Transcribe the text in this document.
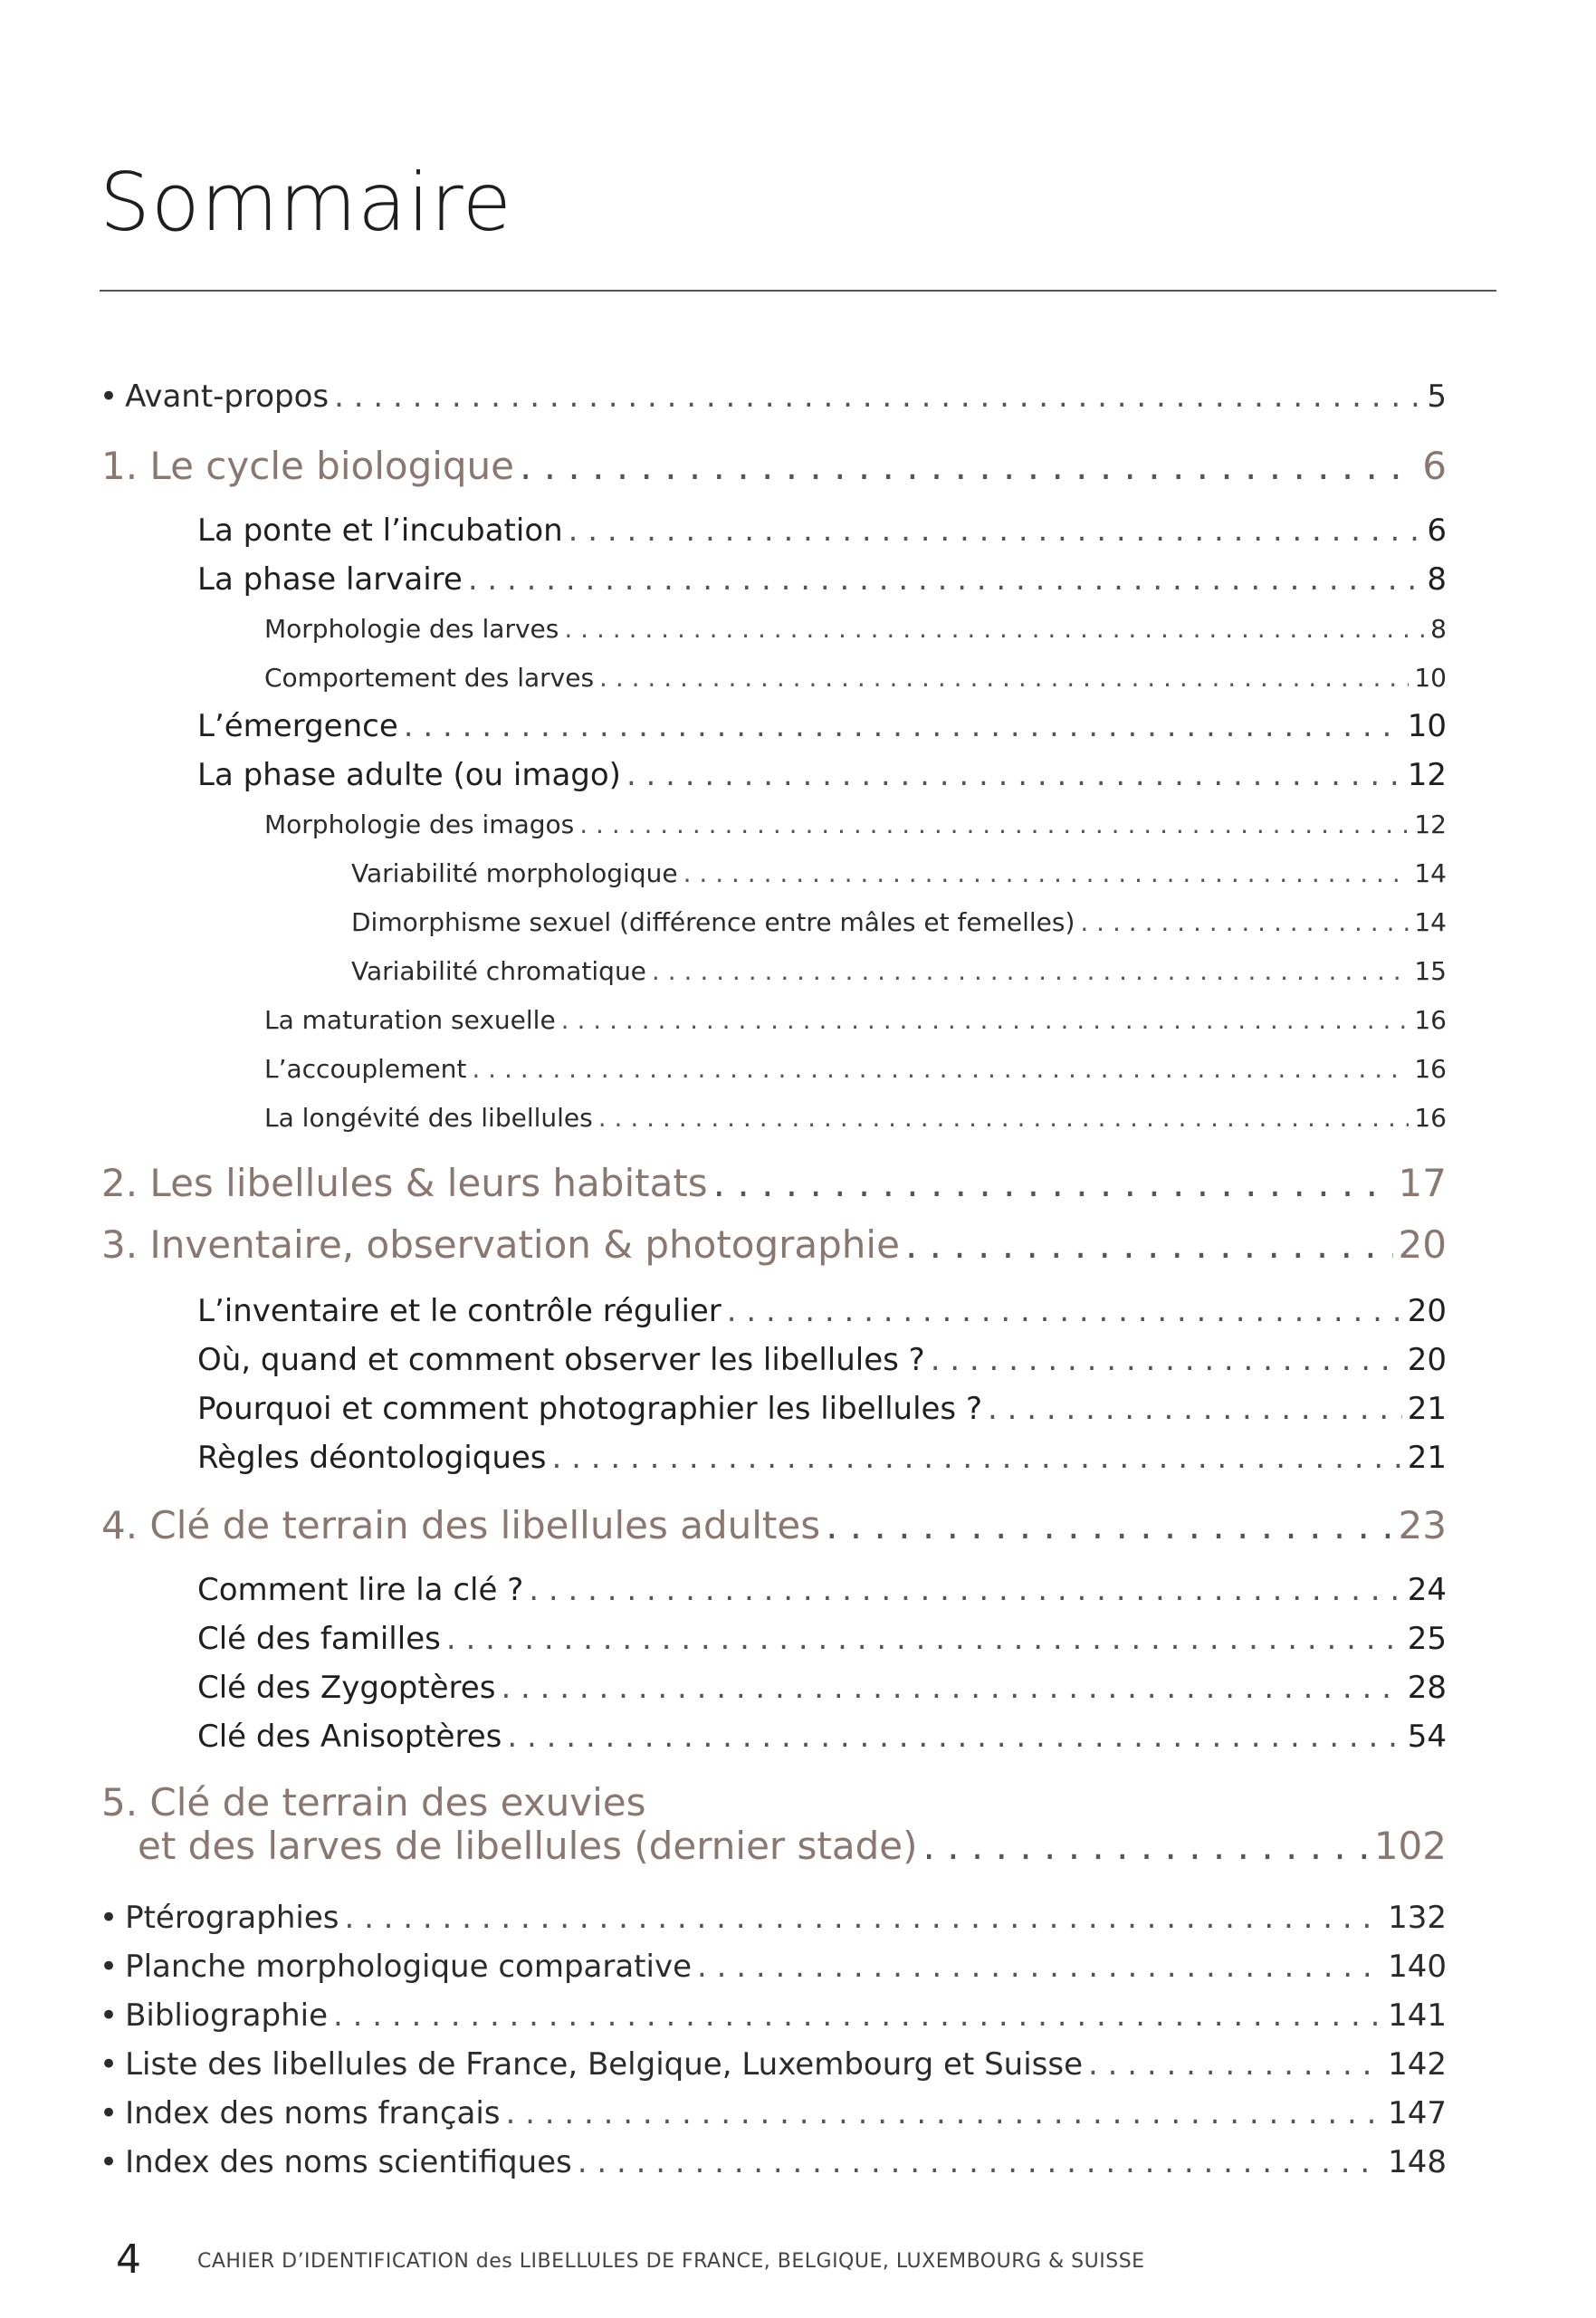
Sommaire
• Avant-propos . . .	5
1. Le cycle biologique . . .	6
La ponte et l’incubation . . .	6
La phase larvaire . . .	8
Morphologie des larves . . .	8
Comportement des larves . . .	10
L’émergence . . .	10
La phase adulte (ou imago) . . .	12
Morphologie des imagos . . .	12
Variabilité morphologique . . .	14
Dimorphisme sexuel (différence entre mâles et femelles) . . .	14
Variabilité chromatique . . .	15
La maturation sexuelle . . .	16
L’accouplement . . .	16
La longévité des libellules . . .	16
2. Les libellules & leurs habitats . . .	17
3. Inventaire, observation & photographie . . .	20
L’inventaire et le contrôle régulier . . .	20
Où, quand et comment observer les libellules ? . . .	20
Pourquoi et comment photographier les libellules ? . . .	21
Règles déontologiques . . .	21
4. Clé de terrain des libellules adultes . . .	23
Comment lire la clé ? . . .	24
Clé des familles . . .	25
Clé des Zygoptères . . .	28
Clé des Anisoptères . . .	54
5. Clé de terrain des exuvies
et des larves de libellules (dernier stade) . . .	102
• Ptérographies . . .	132
• Planche morphologique comparative . . .	140
• Bibliographie . . .	141
• Liste des libellules de France, Belgique, Luxembourg et Suisse . . .	142
• Index des noms français . . .	147
• Index des noms scientifiques . . .	148
4	CAHIER D’IDENTIFICATION des LIBELLULES DE FRANCE, BELGIQUE, LUXEMBOURG & SUISSE
